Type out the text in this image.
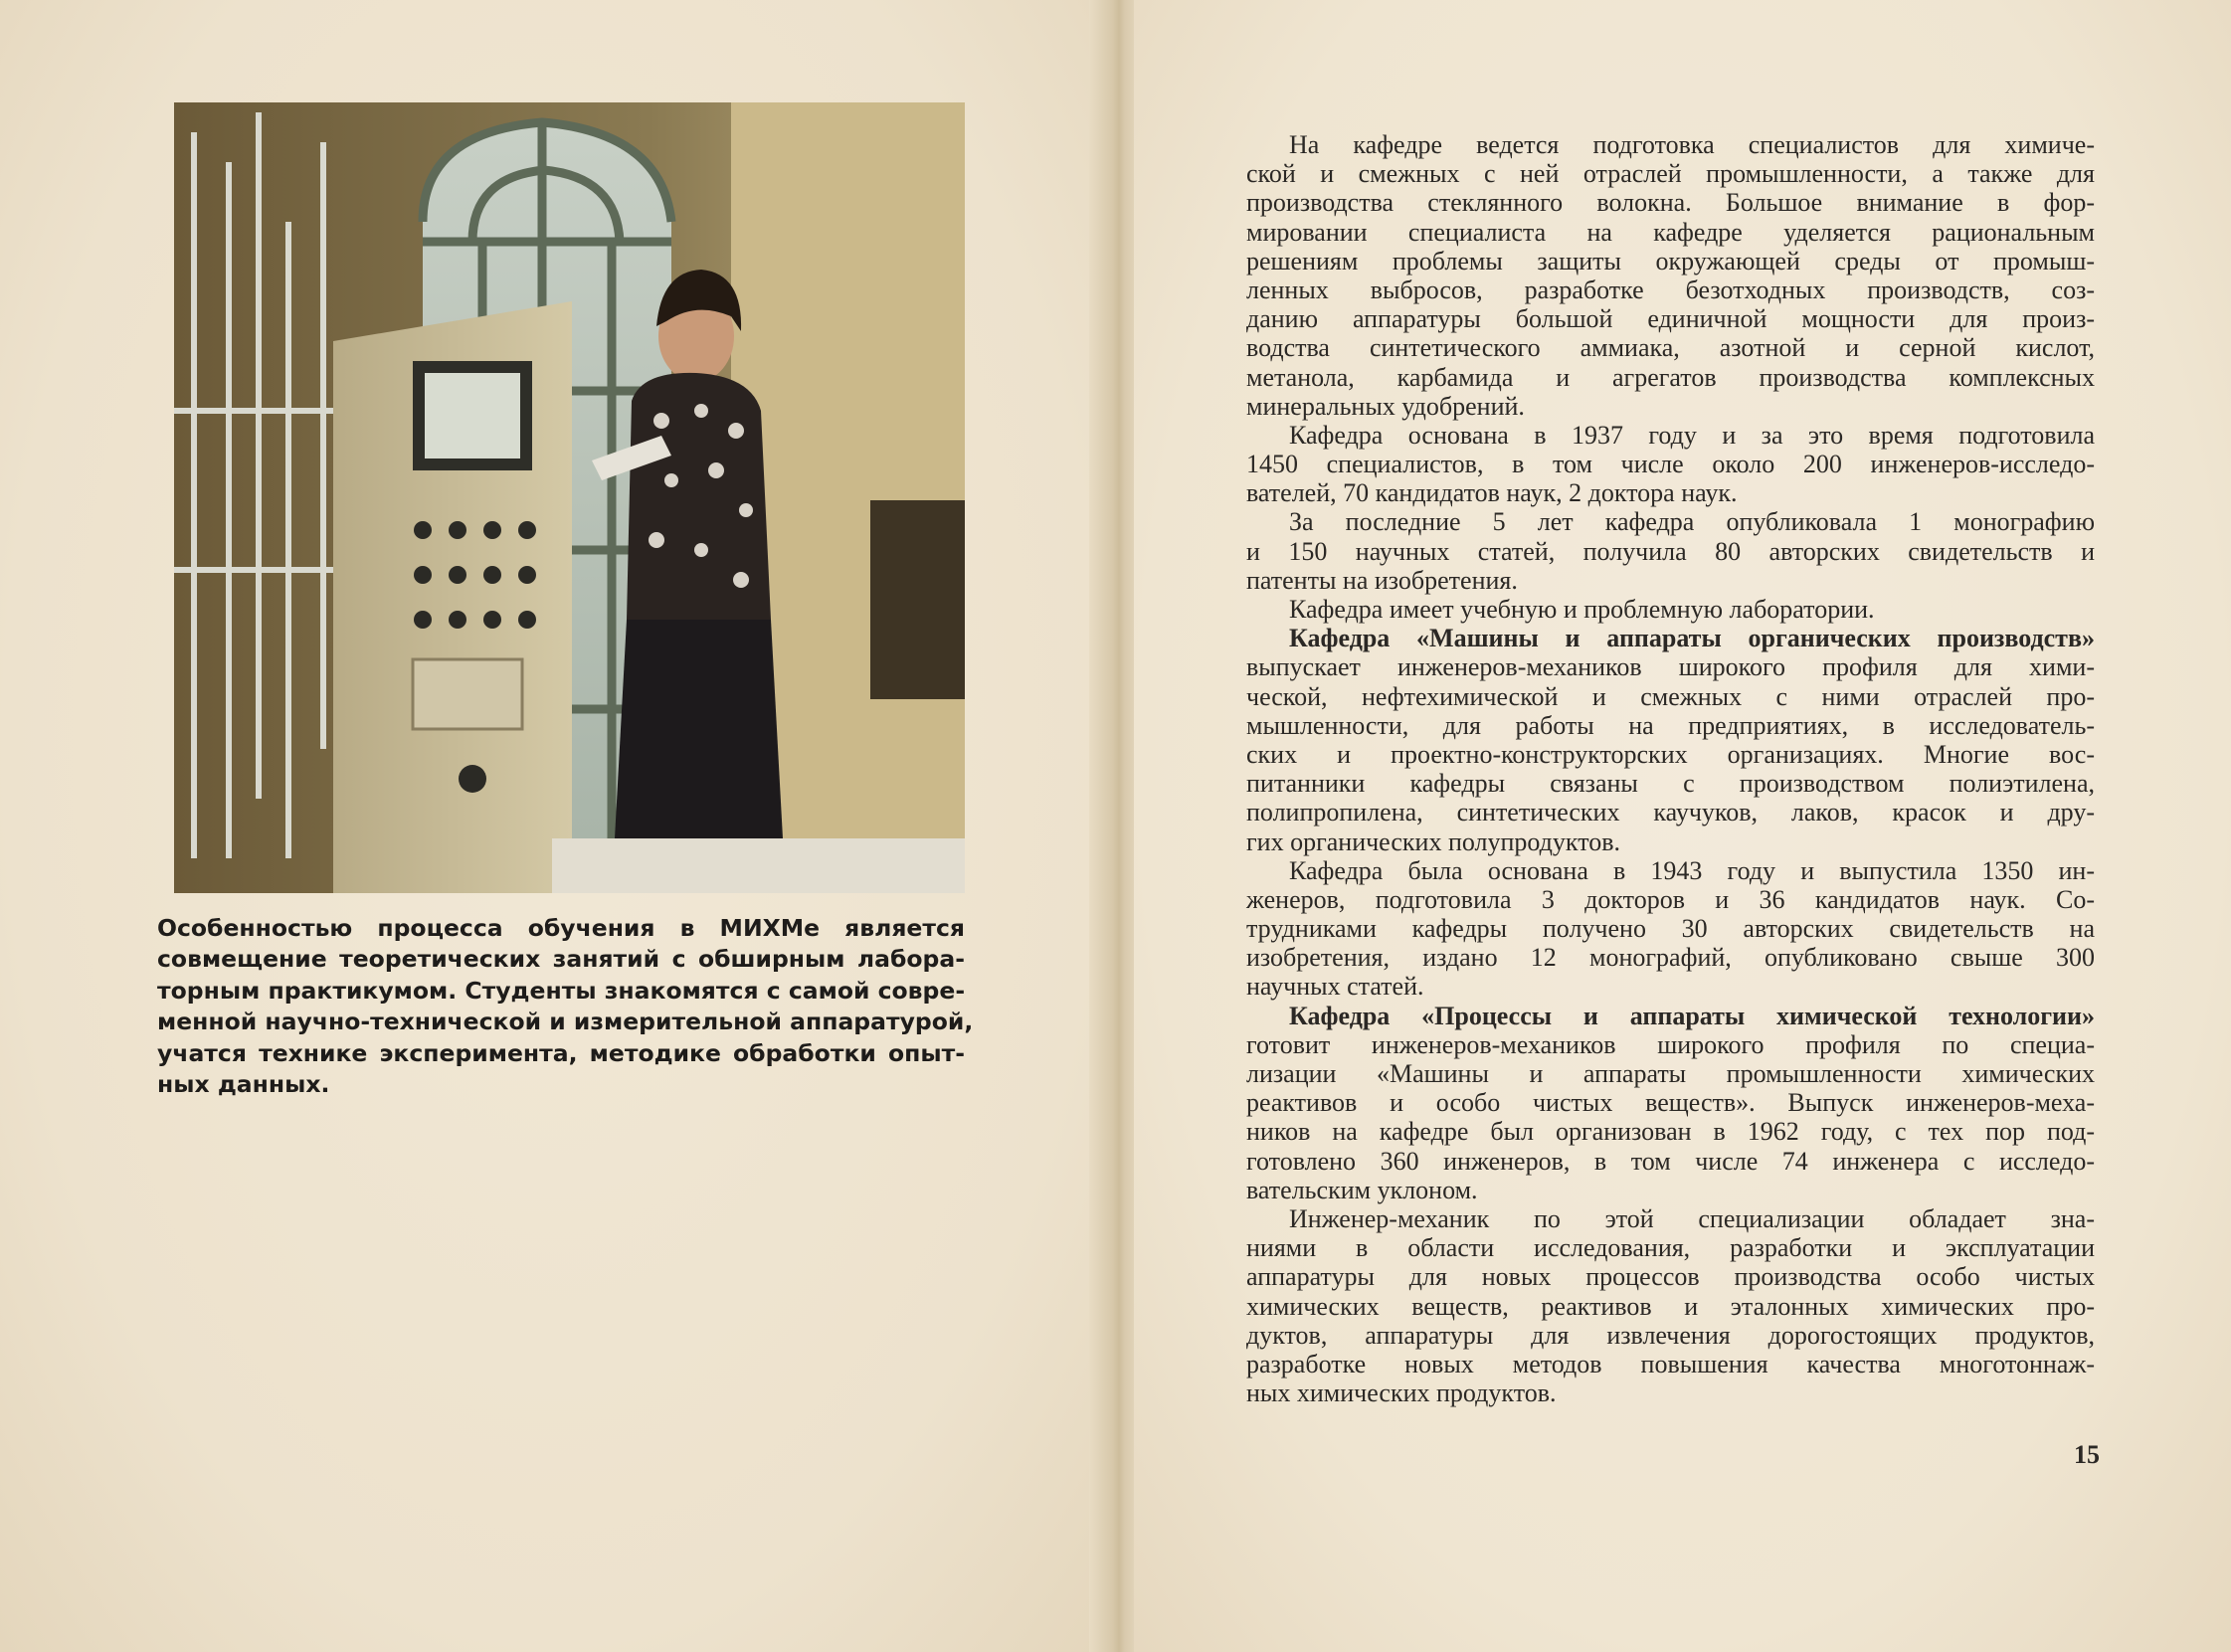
Особенностью процесса обучения в МИХМе является
совмещение теоретических занятий с обширным лабора-
торным практикумом. Студенты знакомятся с самой совре-
менной научно-технической и измерительной аппаратурой,
учатся технике эксперимента, методике обработки опыт-
ных данных.
На кафедре ведется подготовка специалистов для химиче-
ской и смежных с ней отраслей промышленности, а также для
производства стеклянного волокна. Большое внимание в фор-
мировании специалиста на кафедре уделяется рациональным
решениям проблемы защиты окружающей среды от промыш-
ленных выбросов, разработке безотходных производств, соз-
данию аппаратуры большой единичной мощности для произ-
водства синтетического аммиака, азотной и серной кислот,
метанола, карбамида и агрегатов производства комплексных
минеральных удобрений.
Кафедра основана в 1937 году и за это время подготовила
1450 специалистов, в том числе около 200 инженеров-исследо-
вателей, 70 кандидатов наук, 2 доктора наук.
За последние 5 лет кафедра опубликовала 1 монографию
и 150 научных статей, получила 80 авторских свидетельств и
патенты на изобретения.
Кафедра имеет учебную и проблемную лаборатории.
Кафедра «Машины и аппараты органических производств»
выпускает инженеров-механиков широкого профиля для хими-
ческой, нефтехимической и смежных с ними отраслей про-
мышленности, для работы на предприятиях, в исследователь-
ских и проектно-конструкторских организациях. Многие вос-
питанники кафедры связаны с производством полиэтилена,
полипропилена, синтетических каучуков, лаков, красок и дру-
гих органических полупродуктов.
Кафедра была основана в 1943 году и выпустила 1350 ин-
женеров, подготовила 3 докторов и 36 кандидатов наук. Со-
трудниками кафедры получено 30 авторских свидетельств на
изобретения, издано 12 монографий, опубликовано свыше 300
научных статей.
Кафедра «Процессы и аппараты химической технологии»
готовит инженеров-механиков широкого профиля по специа-
лизации «Машины и аппараты промышленности химических
реактивов и особо чистых веществ». Выпуск инженеров-меха-
ников на кафедре был организован в 1962 году, с тех пор под-
готовлено 360 инженеров, в том числе 74 инженера с исследо-
вательским уклоном.
Инженер-механик по этой специализации обладает зна-
ниями в области исследования, разработки и эксплуатации
аппаратуры для новых процессов производства особо чистых
химических веществ, реактивов и эталонных химических про-
дуктов, аппаратуры для извлечения дорогостоящих продуктов,
разработке новых методов повышения качества многотоннаж-
ных химических продуктов.
15
